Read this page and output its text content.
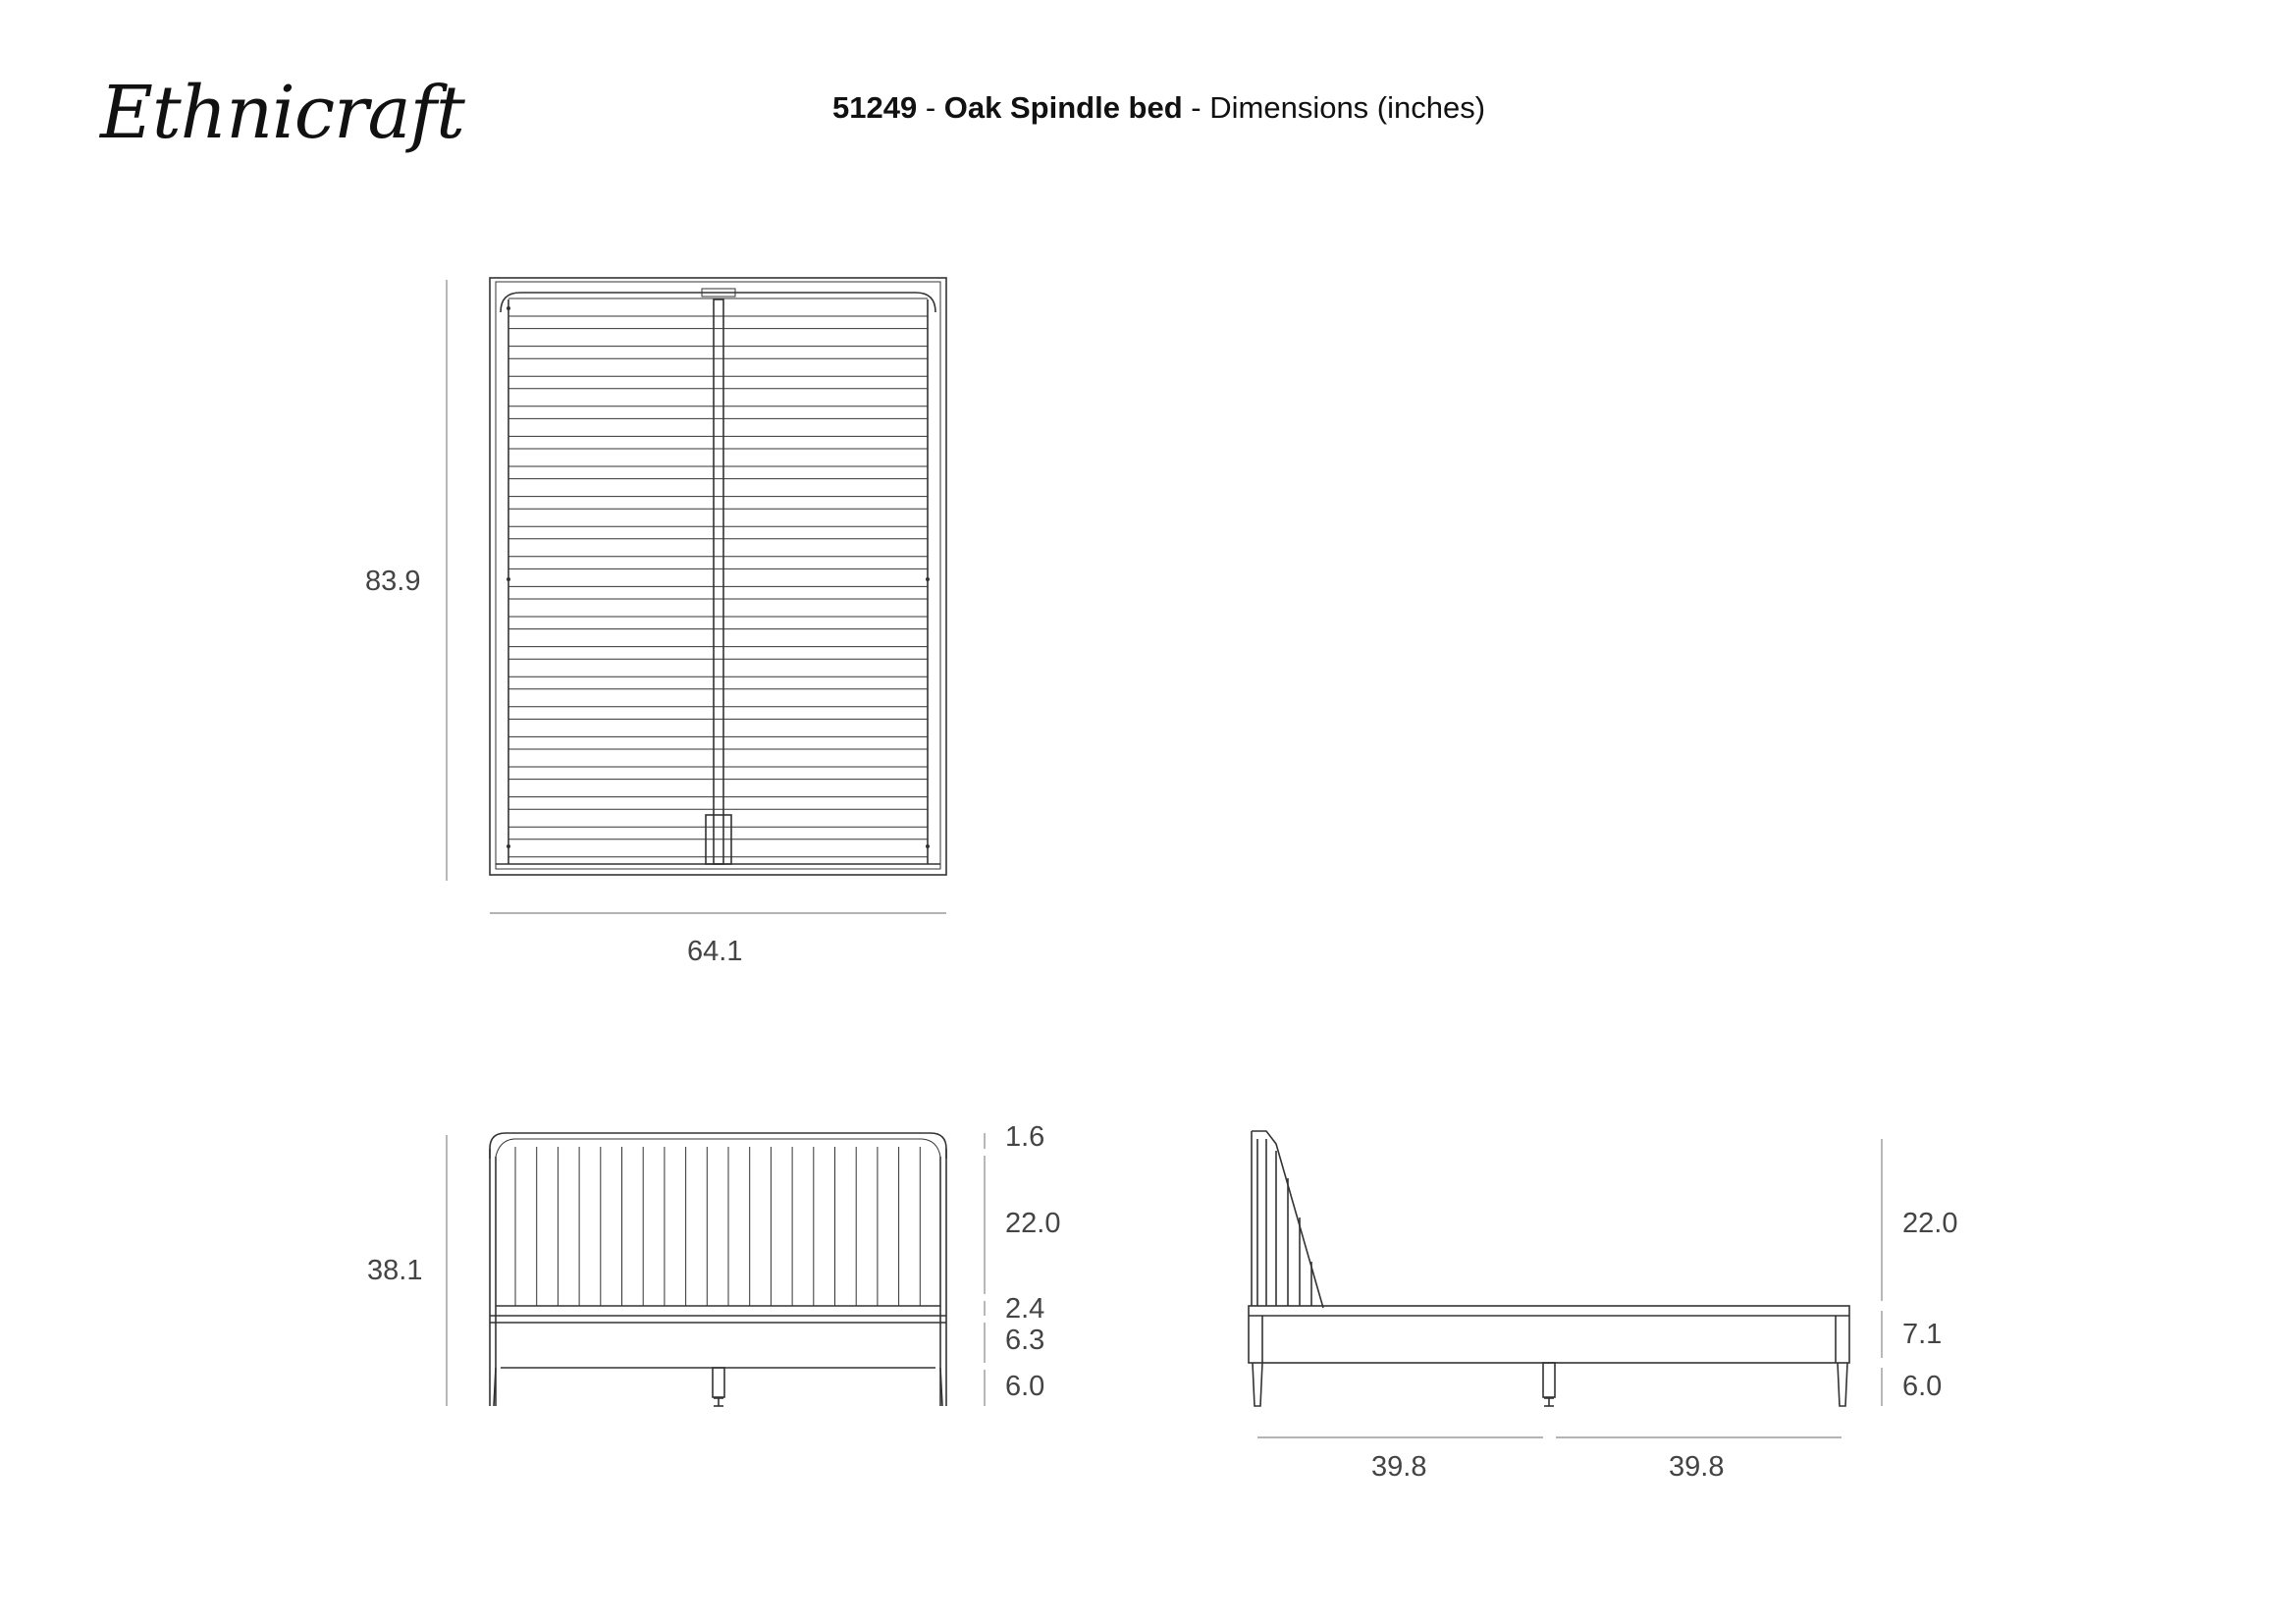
Ethnicraft	51249 - Oak Spindle bed - Dimensions (inches)
83.9
64.1
38.1
1.6
22.0
2.4
6.3
6.0
22.0
7.1
6.0
39.8	39.8
